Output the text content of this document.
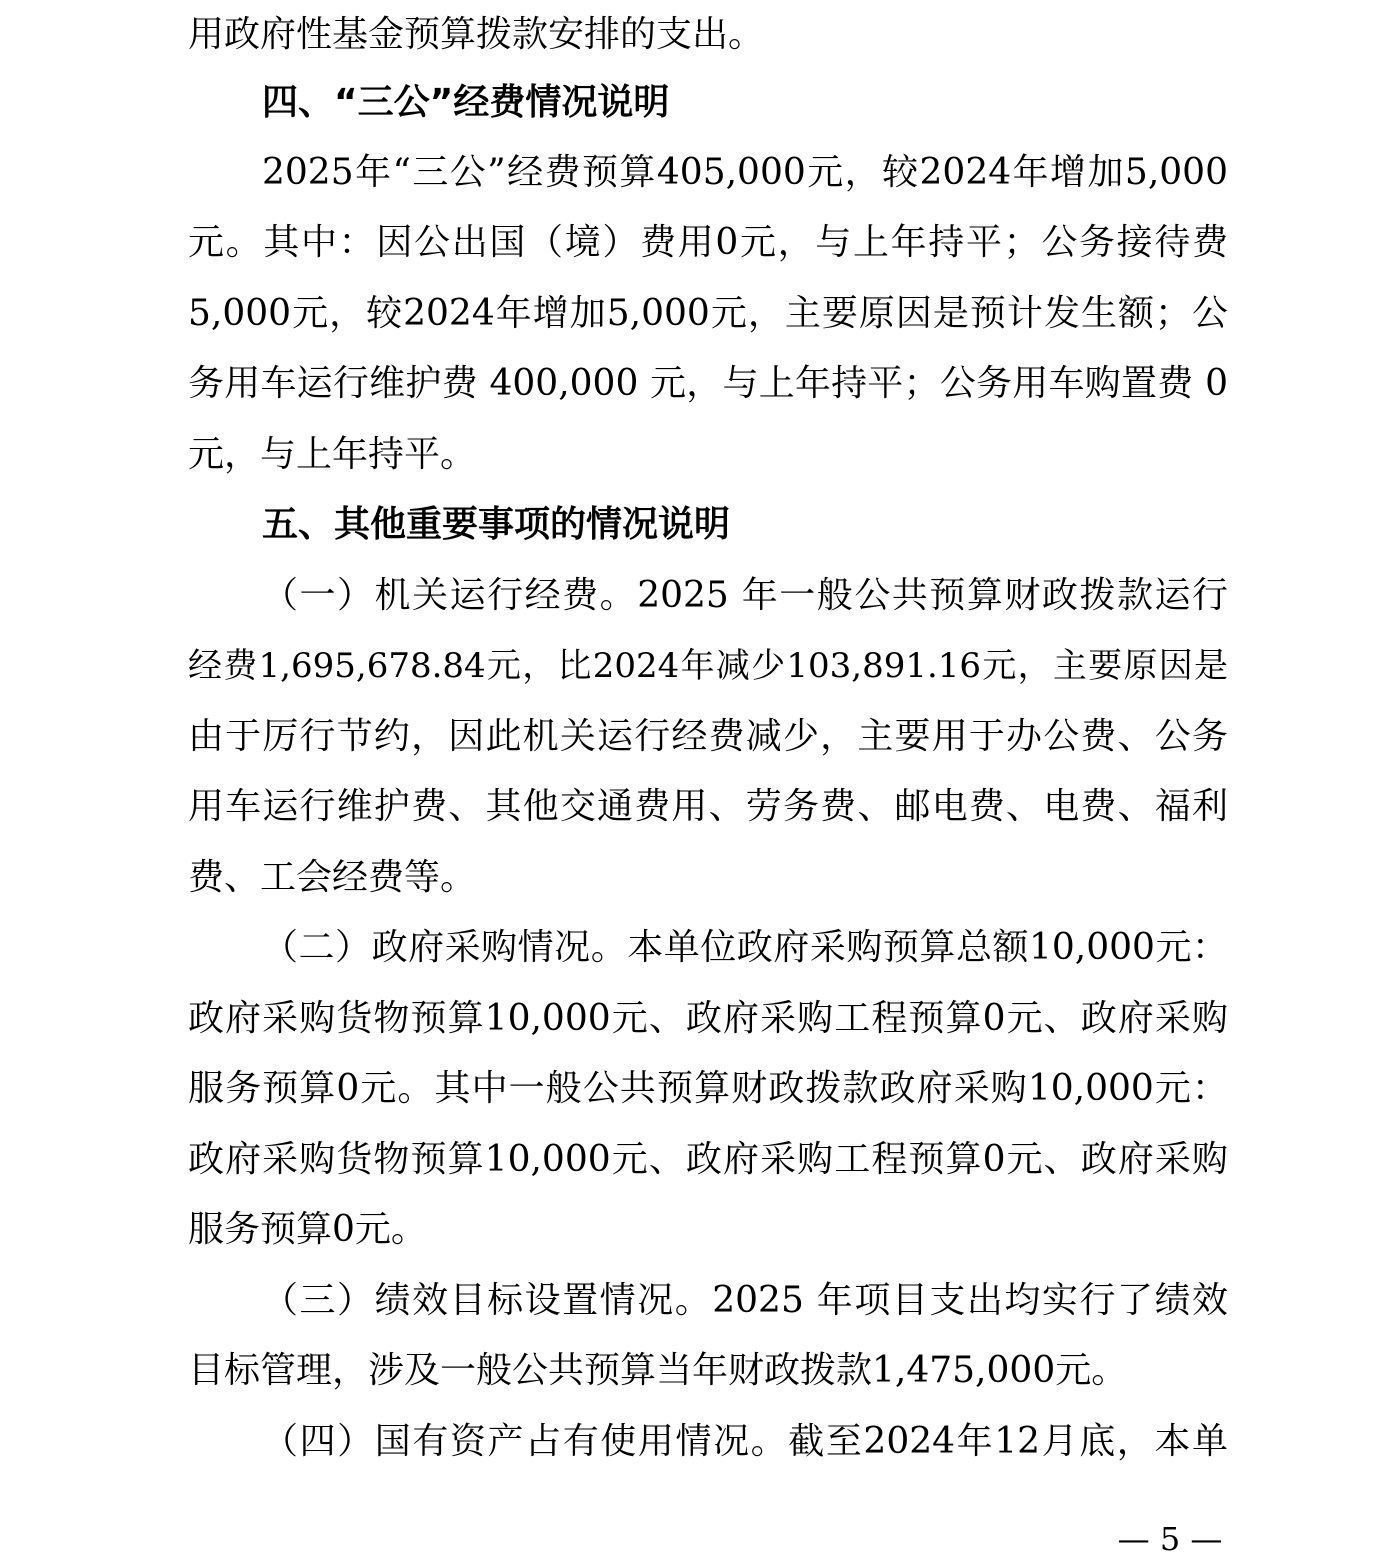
用政府性基金预算拨款安排的支出。
四、“三公”经费情况说明
2025年“三公”经费预算405,000元，较2024年增加5,000
元。其中：因公出国（境）费用0元，与上年持平；公务接待费
5,000元，较2024年增加5,000元，主要原因是预计发生额；公
务用车运行维护费 400,000 元，与上年持平；公务用车购置费 0
元，与上年持平。
五、其他重要事项的情况说明
（一）机关运行经费。2025 年一般公共预算财政拨款运行
经费1,695,678.84元，比2024年减少103,891.16元，主要原因是
由于厉行节约，因此机关运行经费减少，主要用于办公费、公务
用车运行维护费、其他交通费用、劳务费、邮电费、电费、福利
费、工会经费等。
（二）政府采购情况。本单位政府采购预算总额10,000元：
政府采购货物预算10,000元、政府采购工程预算0元、政府采购
服务预算0元。其中一般公共预算财政拨款政府采购10,000元：
政府采购货物预算10,000元、政府采购工程预算0元、政府采购
服务预算0元。
（三）绩效目标设置情况。2025 年项目支出均实行了绩效
目标管理，涉及一般公共预算当年财政拨款1,475,000元。
（四）国有资产占有使用情况。截至2024年12月底，本单
— 5 —
